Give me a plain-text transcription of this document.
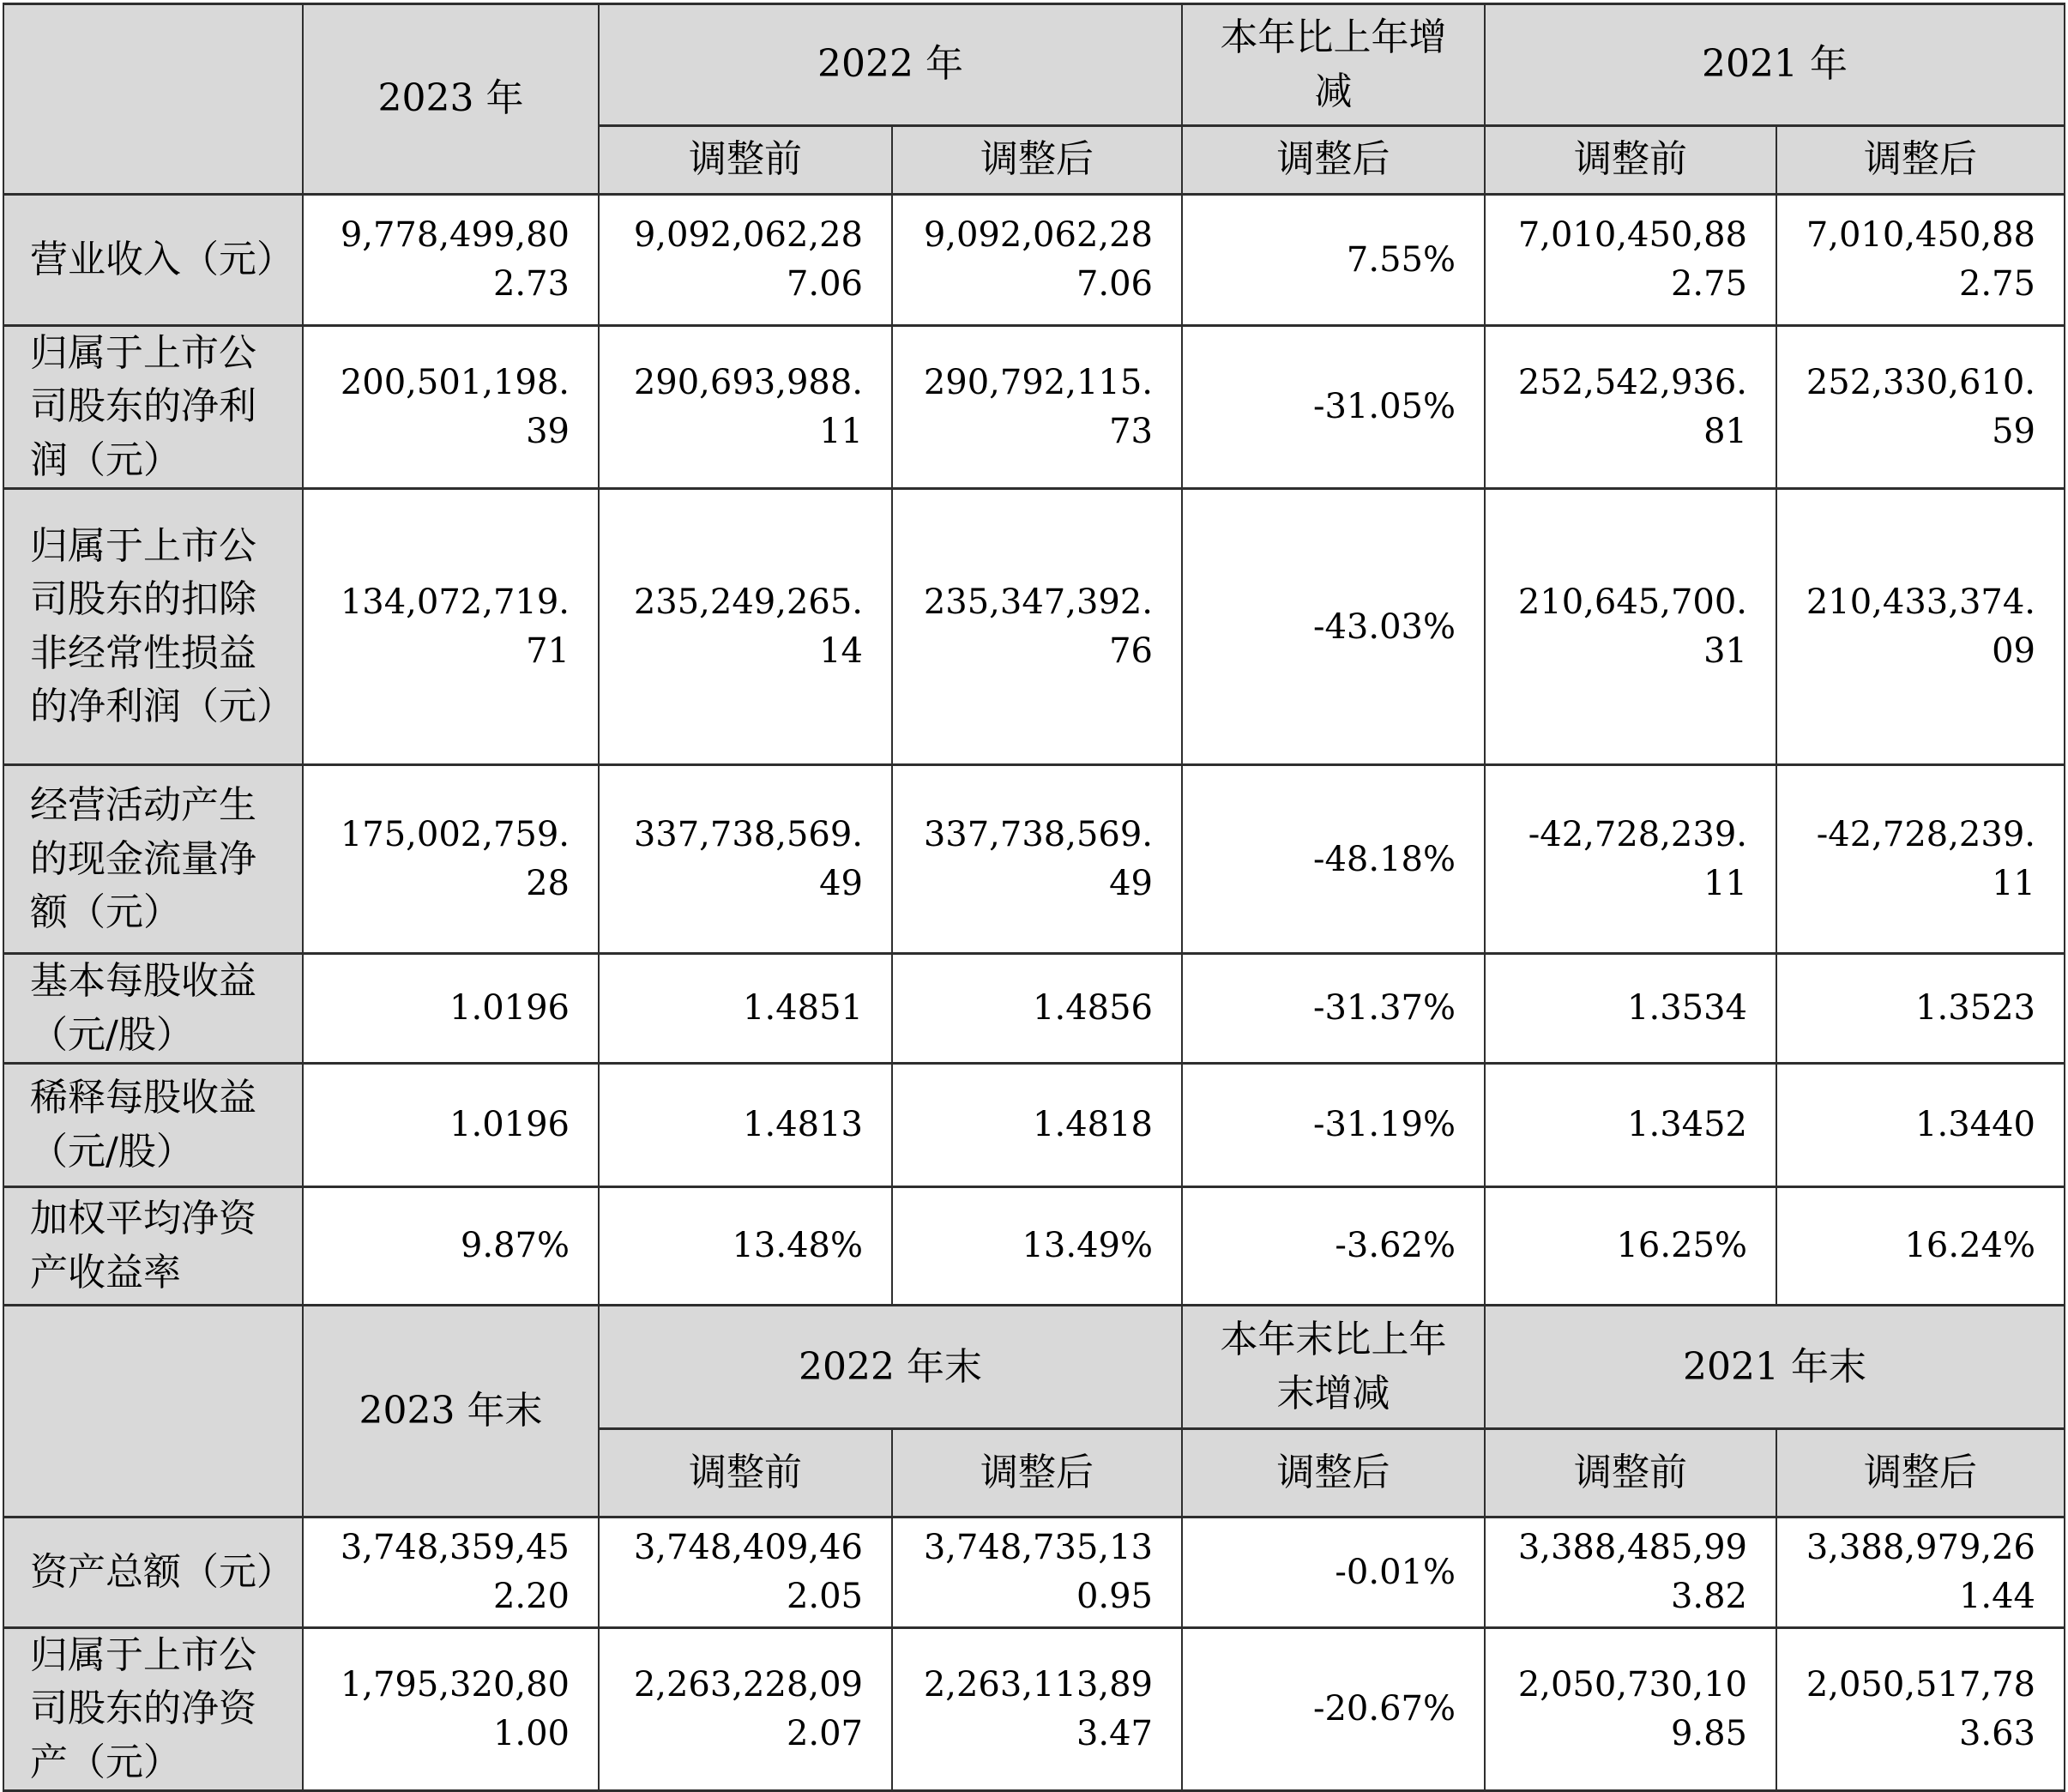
	2023 年	2022 年		本年比上年增减	2021 年	
		调整前	调整后	调整后	调整前	调整后
营业收入（元）	9,778,499,802.73	9,092,062,287.06	9,092,062,287.06	7.55%	7,010,450,882.75	7,010,450,882.75
归属于上市公司股东的净利润（元）	200,501,198.39	290,693,988.11	290,792,115.73	-31.05%	252,542,936.81	252,330,610.59
归属于上市公司股东的扣除非经常性损益的净利润（元）	134,072,719.71	235,249,265.14	235,347,392.76	-43.03%	210,645,700.31	210,433,374.09
经营活动产生的现金流量净额（元）	175,002,759.28	337,738,569.49	337,738,569.49	-48.18%	-42,728,239.11	-42,728,239.11
基本每股收益（元/股）	1.0196	1.4851	1.4856	-31.37%	1.3534	1.3523
稀释每股收益（元/股）	1.0196	1.4813	1.4818	-31.19%	1.3452	1.3440
加权平均净资产收益率	9.87%	13.48%	13.49%	-3.62%	16.25%	16.24%
	2023 年末	2022 年末		本年末比上年末增减	2021 年末	
		调整前	调整后	调整后	调整前	调整后
资产总额（元）	3,748,359,452.20	3,748,409,462.05	3,748,735,130.95	-0.01%	3,388,485,993.82	3,388,979,261.44
归属于上市公司股东的净资产（元）	1,795,320,801.00	2,263,228,092.07	2,263,113,893.47	-20.67%	2,050,730,109.85	2,050,517,783.63
